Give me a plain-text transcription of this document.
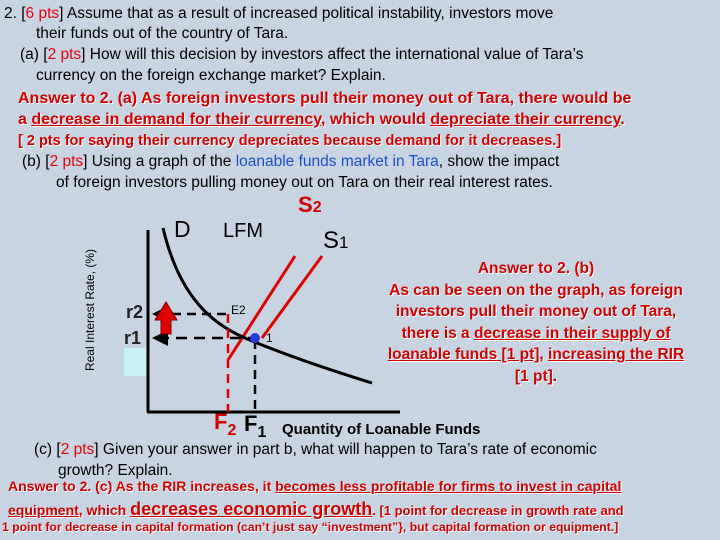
2. [6 pts] Assume that as a result of increased political instability, investors move
their funds out of the country of Tara.
(a) [2 pts] How will this decision by investors affect the international value of Tara’s
currency on the foreign exchange market? Explain.
Answer to 2. (a) As foreign investors pull their money out of Tara, there would be
a decrease in demand for their currency, which would depreciate their currency.
[ 2 pts for saying their currency depreciates because demand for it decreases.]
(b) [2 pts] Using a graph of the loanable funds market in Tara, show the impact
of foreign investors pulling money out on Tara on their real interest rates.
Real Interest Rate, (%)
D LFM
S2
S1
r2
r1
E2
1
$F_2$ $F_1$ Quantity of Loanable Funds
Answer to 2. (b)
As can be seen on the graph, as foreign
investors pull their money out of Tara,
there is a decrease in their supply of
loanable funds [1 pt], increasing the RIR
[1 pt].
(c) [2 pts] Given your answer in part b, what will happen to Tara’s rate of economic
growth? Explain.
Answer to 2. (c) As the RIR increases, it becomes less profitable for firms to invest in capital
equipment, which decreases economic growth. [1 point for decrease in growth rate and
1 point for decrease in capital formation (can’t just say “investment”}, but capital formation or equipment.]
